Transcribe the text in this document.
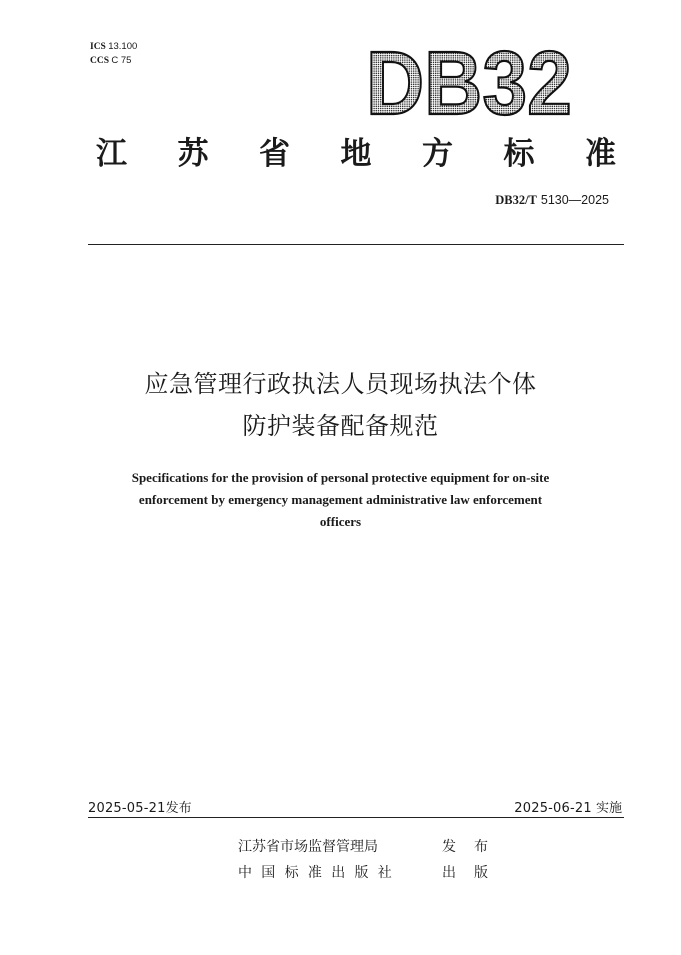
ICS 13.100
CCS C 75	DB32
江 苏 省 地 方 标 准
DB32/T 5130—2025
应急管理行政执法人员现场执法个体
防护装备配备规范
Specifications for the provision of personal protective equipment for on-site
enforcement by emergency management administrative law enforcement
officers
2025-05-21发布	2025-06-21 实施
江苏省市场监督管理局	发布
中国标准出版社	出版
